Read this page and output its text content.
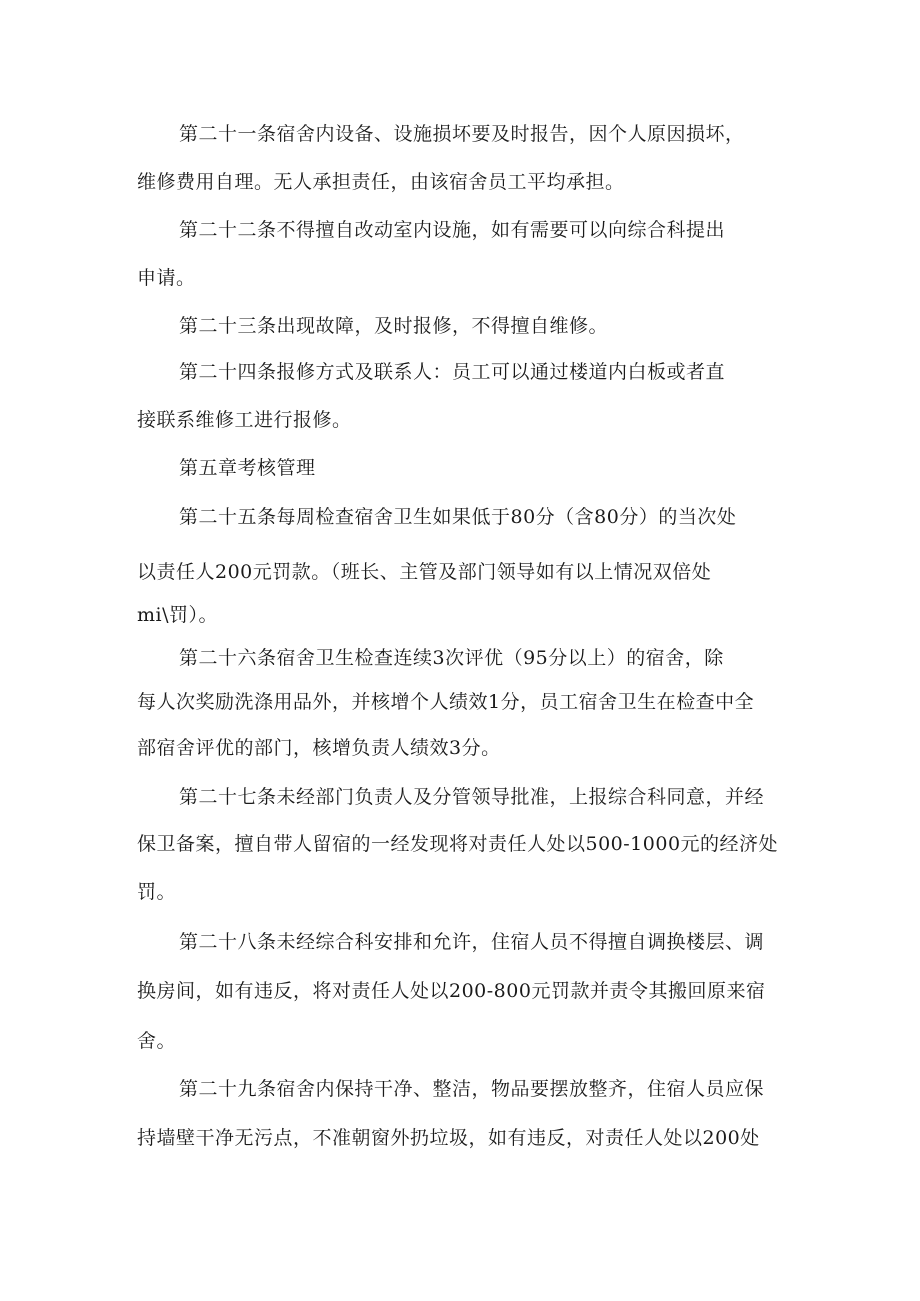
第二十一条宿舍内设备、设施损坏要及时报告，因个人原因损坏，
维修费用自理。无人承担责任，由该宿舍员工平均承担。
第二十二条不得擅自改动室内设施，如有需要可以向综合科提出
申请。
第二十三条出现故障，及时报修，不得擅自维修。
第二十四条报修方式及联系人：员工可以通过楼道内白板或者直
接联系维修工进行报修。
第五章考核管理
第二十五条每周检查宿舍卫生如果低于80分（含80分）的当次处
以责任人200元罚款。（班长、主管及部门领导如有以上情况双倍处
mi\罚）。
第二十六条宿舍卫生检查连续3次评优（95分以上）的宿舍，除
每人次奖励洗涤用品外，并核增个人绩效1分，员工宿舍卫生在检查中全
部宿舍评优的部门，核增负责人绩效3分。
第二十七条未经部门负责人及分管领导批准，上报综合科同意，并经
保卫备案，擅自带人留宿的一经发现将对责任人处以500-1000元的经济处
罚。
第二十八条未经综合科安排和允许，住宿人员不得擅自调换楼层、调
换房间，如有违反，将对责任人处以200-800元罚款并责令其搬回原来宿
舍。
第二十九条宿舍内保持干净、整洁，物品要摆放整齐，住宿人员应保
持墙壁干净无污点，不准朝窗外扔垃圾，如有违反，对责任人处以200处
